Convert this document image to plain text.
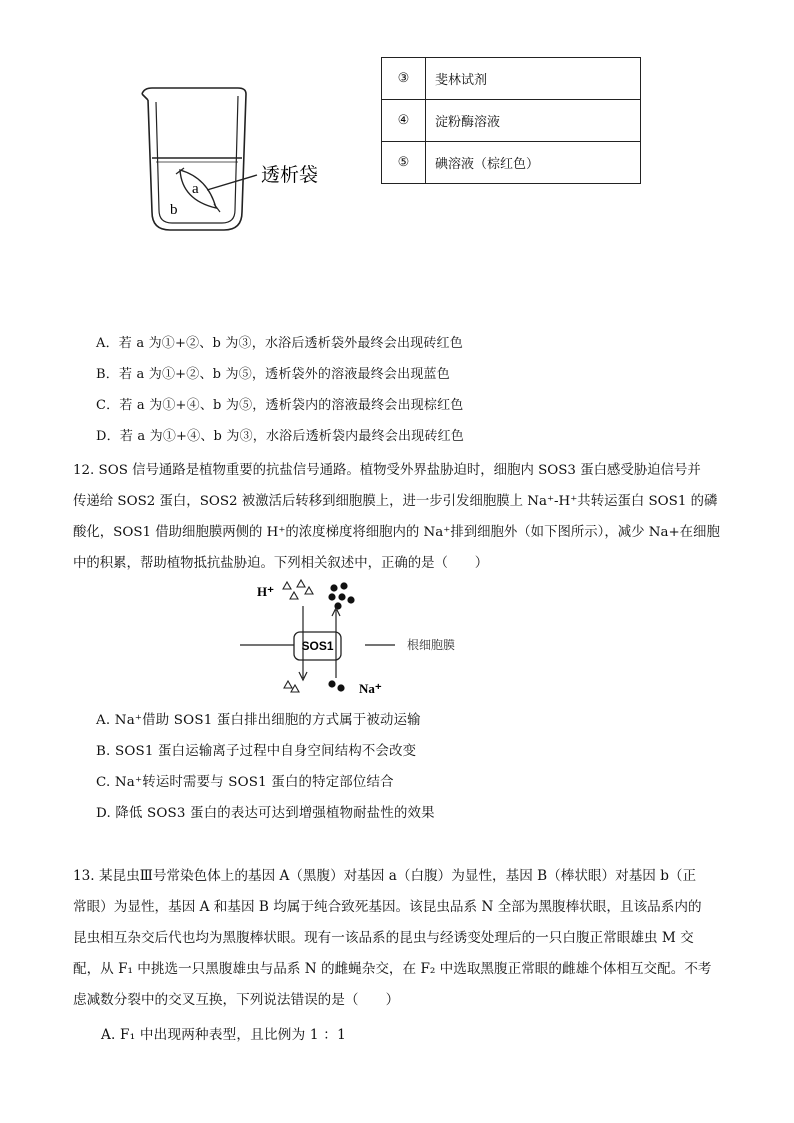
a
b
透析袋
③	斐林试剂
④	淀粉酶溶液
⑤	碘溶液（棕红色）
A．若 a 为①+②、b 为③，水浴后透析袋外最终会出现砖红色
B．若 a 为①+②、b 为⑤，透析袋外的溶液最终会出现蓝色
C．若 a 为①+④、b 为⑤，透析袋内的溶液最终会出现棕红色
D．若 a 为①+④、b 为③，水浴后透析袋内最终会出现砖红色
12. SOS 信号通路是植物重要的抗盐信号通路。植物受外界盐胁迫时，细胞内 SOS3 蛋白感受胁迫信号并
传递给 SOS2 蛋白，SOS2 被激活后转移到细胞膜上，进一步引发细胞膜上 Na⁺-H⁺共转运蛋白 SOS1 的磷
酸化，SOS1 借助细胞膜两侧的 H⁺的浓度梯度将细胞内的 Na⁺排到细胞外（如下图所示），减少 Na+在细胞
中的积累，帮助植物抵抗盐胁迫。下列相关叙述中，正确的是（　　）
H⁺
根细胞膜
SOS1
Na⁺
A. Na⁺借助 SOS1 蛋白排出细胞的方式属于被动运输
B. SOS1 蛋白运输离子过程中自身空间结构不会改变
C. Na⁺转运时需要与 SOS1 蛋白的特定部位结合
D. 降低 SOS3 蛋白的表达可达到增强植物耐盐性的效果
13. 某昆虫Ⅲ号常染色体上的基因 A（黑腹）对基因 a（白腹）为显性，基因 B（棒状眼）对基因 b（正
常眼）为显性，基因 A 和基因 B 均属于纯合致死基因。该昆虫品系 N 全部为黑腹棒状眼，且该品系内的
昆虫相互杂交后代也均为黑腹棒状眼。现有一该品系的昆虫与经诱变处理后的一只白腹正常眼雄虫 M 交
配，从 F₁ 中挑选一只黑腹雄虫与品系 N 的雌蝇杂交，在 F₂ 中选取黑腹正常眼的雌雄个体相互交配。不考
虑减数分裂中的交叉互换，下列说法错误的是（　　）
A. F₁ 中出现两种表型，且比例为 1 ：1
